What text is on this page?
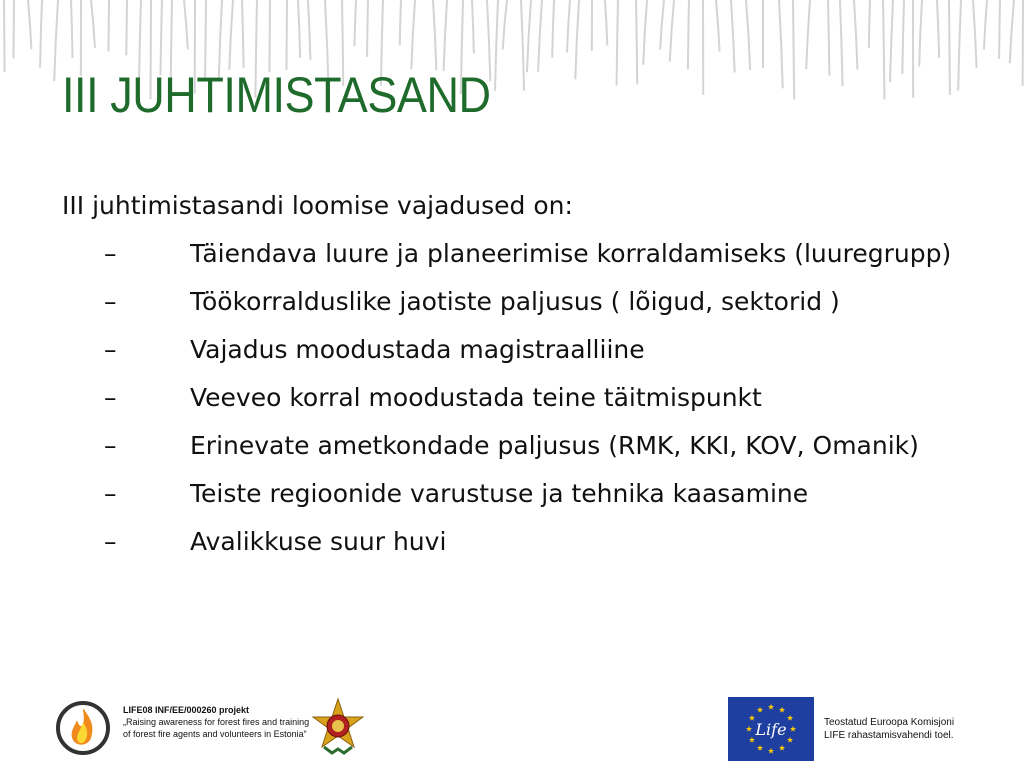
III JUHTIMISTASAND
III juhtimistasandi loomise vajadused on:
–	Täiendava luure ja planeerimise korraldamiseks (luuregrupp)
–	Töökorralduslike jaotiste paljusus ( lõigud, sektorid )
–	Vajadus moodustada magistraalliine
–	Veeveo korral moodustada teine täitmispunkt
–	Erinevate ametkondade paljusus (RMK, KKI, KOV, Omanik)
–	Teiste regioonide varustuse ja tehnika kaasamine
–	Avalikkuse suur huvi
LIFE08 INF/EE/000260 projekt
„Raising awareness for forest fires and training of forest fire agents and volunteers in Estonia“	Life	Teostatud Euroopa Komisjoni
LIFE rahastamisvahendi toel.
